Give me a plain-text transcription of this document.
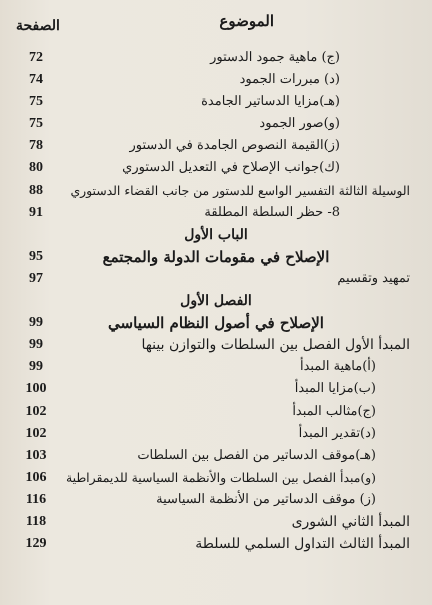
الموضوع
الصفحة
(ج) ماهية جمود الدستور
72
(د) مبررات الجمود
74
(هـ)مزايا الدساتير الجامدة
75
(و)صور الجمود
75
(ز)القيمة النصوص الجامدة في الدستور
78
(ك)جوانب الإصلاح في التعديل الدستوري
80
الوسيلة الثالثة التفسير الواسع للدستور من جانب القضاء الدستوري
88
8- حظر السلطة المطلقة
91
الباب الأول
الإصلاح في مقومات الدولة والمجتمع
95
تمهيد وتقسيم
97
الفصل الأول
الإصلاح في أصول النظام السياسي
99
المبدأ الأول الفصل بين السلطات والتوازن بينها
99
(أ)ماهية المبدأ
99
(ب)مزايا المبدأ
100
(ج)مثالب المبدأ
102
(د)تقدير المبدأ
102
(هـ)موقف الدساتير من الفصل بين السلطات
103
(و)مبدأ الفصل بين السلطات والأنظمة السياسية للديمقراطية
106
(ز) موقف الدساتير من الأنظمة السياسية
116
المبدأ الثاني الشورى
118
المبدأ الثالث التداول السلمي للسلطة
129
